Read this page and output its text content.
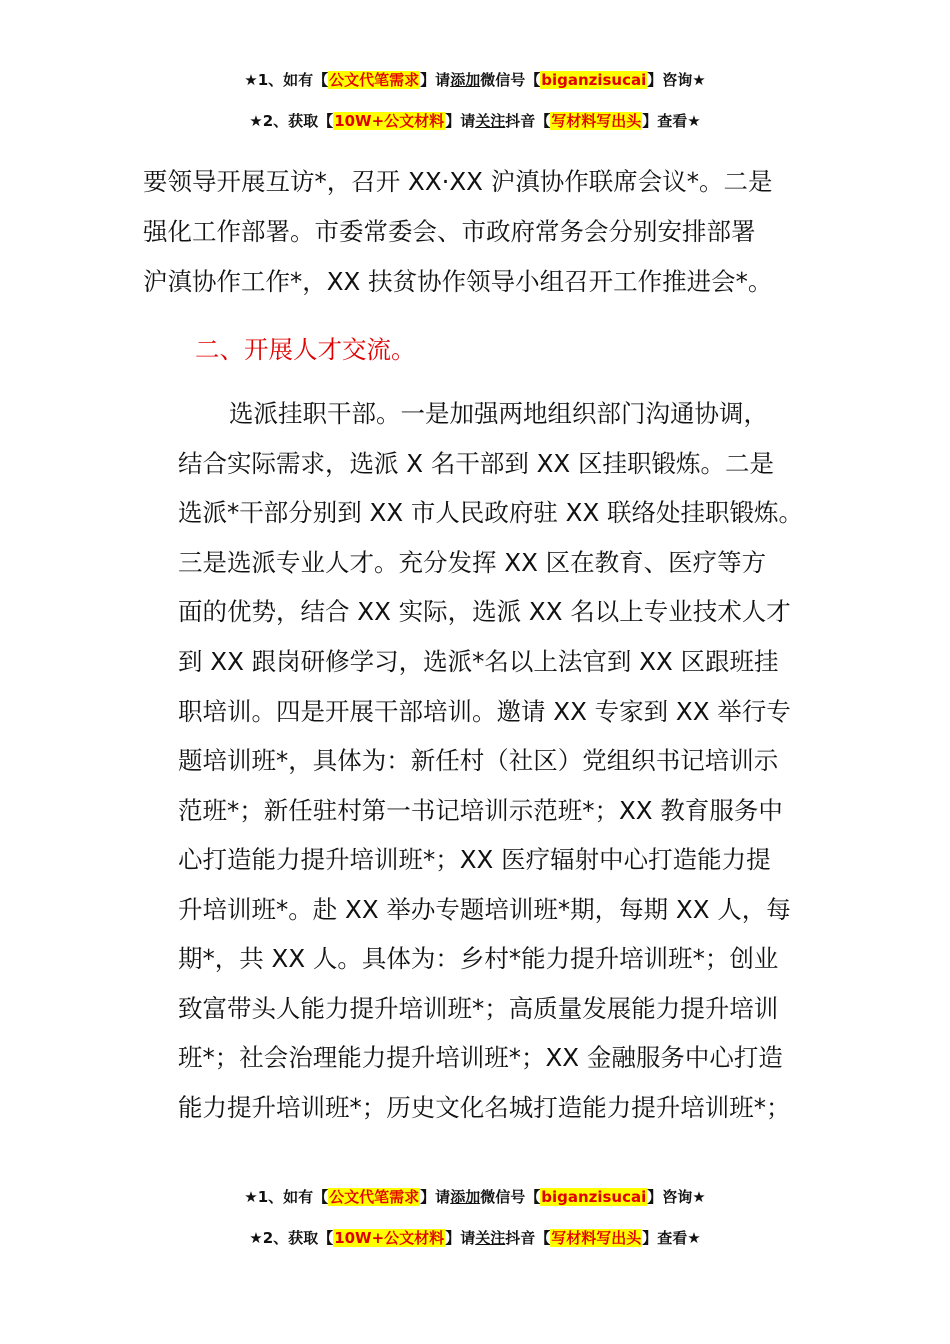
★1、如有【公文代笔需求】请添加微信号【biganzisucai】咨询★
★2、获取【10W+公文材料】请关注抖音【写材料写出头】查看★
要领导开展互访*，召开 XX·XX 沪滇协作联席会议*。二是
强化工作部署。市委常委会、市政府常务会分别安排部署
沪滇协作工作*，XX 扶贫协作领导小组召开工作推进会*。
二、开展人才交流。
选派挂职干部。一是加强两地组织部门沟通协调，
结合实际需求，选派 X 名干部到 XX 区挂职锻炼。二是
选派*干部分别到 XX 市人民政府驻 XX 联络处挂职锻炼。
三是选派专业人才。充分发挥 XX 区在教育、医疗等方
面的优势，结合 XX 实际，选派 XX 名以上专业技术人才
到 XX 跟岗研修学习，选派*名以上法官到 XX 区跟班挂
职培训。四是开展干部培训。邀请 XX 专家到 XX 举行专
题培训班*，具体为：新任村（社区）党组织书记培训示
范班*；新任驻村第一书记培训示范班*；XX 教育服务中
心打造能力提升培训班*；XX 医疗辐射中心打造能力提
升培训班*。赴 XX 举办专题培训班*期，每期 XX 人，每
期*，共 XX 人。具体为：乡村*能力提升培训班*；创业
致富带头人能力提升培训班*；高质量发展能力提升培训
班*；社会治理能力提升培训班*；XX 金融服务中心打造
能力提升培训班*；历史文化名城打造能力提升培训班*；
★1、如有【公文代笔需求】请添加微信号【biganzisucai】咨询★
★2、获取【10W+公文材料】请关注抖音【写材料写出头】查看★
